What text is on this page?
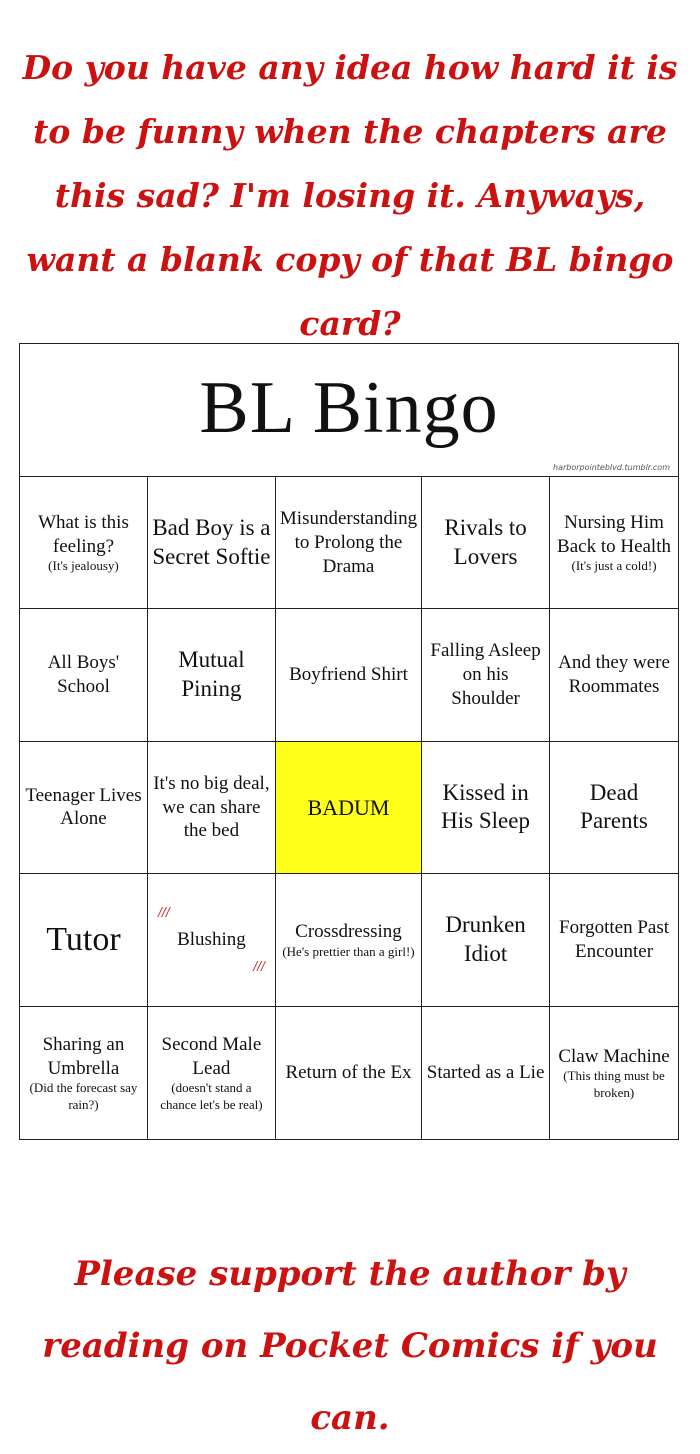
Do you have any idea how hard it is to be funny when the chapters are this sad? I'm losing it. Anyways, want a blank copy of that BL bingo card?
BL Bingo
harborpointeblvd.tumblr.com
What is this feeling?
(It's jealousy)
Bad Boy is a Secret Softie
Misunderstanding to Prolong the Drama
Rivals to Lovers
Nursing Him Back to Health
(It's just a cold!)
All Boys' School
Mutual Pining
Boyfriend Shirt
Falling Asleep on his Shoulder
And they were Roommates
Teenager Lives Alone
It's no big deal, we can share the bed
BADUM
Kissed in His Sleep
Dead Parents
Tutor
///
Blushing
///
Crossdressing
(He's prettier than a girl!)
Drunken Idiot
Forgotten Past Encounter
Sharing an Umbrella
(Did the forecast say rain?)
Second Male Lead
(doesn't stand a chance let's be real)
Return of the Ex Started as a Lie
Claw Machine
(This thing must be broken)
Please support the author by reading on Pocket Comics if you can.
